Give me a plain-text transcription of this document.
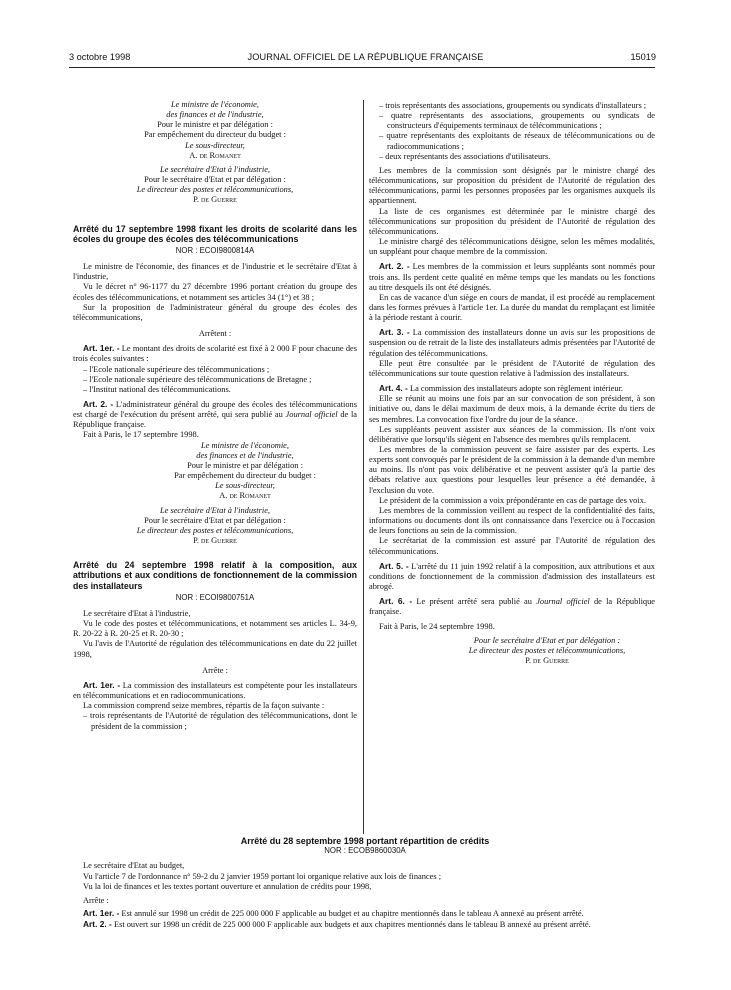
3 octobre 1998	JOURNAL OFFICIEL DE LA RÉPUBLIQUE FRANÇAISE	15019

Le ministre de l'économie,

des finances et de l'industrie,

Pour le ministre et par délégation :

Par empêchement du directeur du budget :

Le sous-directeur,

A. de Romanet

Le secrétaire d'Etat à l'industrie,

Pour le secrétaire d'Etat et par délégation :

Le directeur des postes et télécommunications,

P. de Guerre

Arrêté du 17 septembre 1998 fixant les droits de scolarité dans les écoles du groupe des écoles des télécommunications

NOR : ECOI9800814A

Le ministre de l'économie, des finances et de l'industrie et le secrétaire d'Etat à l'industrie,

Vu le décret n° 96-1177 du 27 décembre 1996 portant création du groupe des écoles des télécommunications, et notamment ses articles 34 (1°) et 38 ;

Sur la proposition de l'administrateur général du groupe des écoles des télécommunications,

Arrêtent :

Art. 1er. - Le montant des droits de scolarité est fixé à 2 000 F pour chacune des trois écoles suivantes :

– l'Ecole nationale supérieure des télécommunications ;

– l'Ecole nationale supérieure des télécommunications de Bretagne ;

– l'Institut national des télécommunications.

Art. 2. - L'administrateur général du groupe des écoles des télécommunications est chargé de l'exécution du présent arrêté, qui sera publié au Journal officiel de la République française.

Fait à Paris, le 17 septembre 1998.

Le ministre de l'économie,

des finances et de l'industrie,

Pour le ministre et par délégation :

Par empêchement du directeur du budget :

Le sous-directeur,

A. de Romanet

Le secrétaire d'Etat à l'industrie,

Pour le secrétaire d'Etat et par délégation :

Le directeur des postes et télécommunications,

P. de Guerre

Arrêté du 24 septembre 1998 relatif à la composition, aux attributions et aux conditions de fonctionnement de la commission des installateurs

NOR : ECOI9800751A

Le secrétaire d'Etat à l'industrie,

Vu le code des postes et télécommunications, et notamment ses articles L. 34-9, R. 20-22 à R. 20-25 et R. 20-30 ;

Vu l'avis de l'Autorité de régulation des télécommunications en date du 22 juillet 1998,

Arrête :

Art. 1er. - La commission des installateurs est compétente pour les installateurs en télécommunications et en radiocommunications.

La commission comprend seize membres, répartis de la façon suivante :

– trois représentants de l'Autorité de régulation des télécommunications, dont le président de la commission ;

– trois représentants des associations, groupements ou syndicats d'installateurs ;

– quatre représentants des associations, groupements ou syndicats de constructeurs d'équipements terminaux de télécommunications ;

– quatre représentants des exploitants de réseaux de télécommunications ou de radiocommunications ;

– deux représentants des associations d'utilisateurs.

Les membres de la commission sont désignés par le ministre chargé des télécommunications, sur proposition du président de l'Autorité de régulation des télécommunications, parmi les personnes proposées par les organismes auxquels ils appartiennent.

La liste de ces organismes est déterminée par le ministre chargé des télécommunications sur proposition du président de l'Autorité de régulation des télécommunications.

Le ministre chargé des télécommunications désigne, selon les mêmes modalités, un suppléant pour chaque membre de la commission.

Art. 2. - Les membres de la commission et leurs suppléants sont nommés pour trois ans. Ils perdent cette qualité en même temps que les mandats ou les fonctions au titre desquels ils ont été désignés.

En cas de vacance d'un siège en cours de mandat, il est procédé au remplacement dans les formes prévues à l'article 1er. La durée du mandat du remplaçant est limitée à la période restant à courir.

Art. 3. - La commission des installateurs donne un avis sur les propositions de suspension ou de retrait de la liste des installateurs admis présentées par l'Autorité de régulation des télécommunications.

Elle peut être consultée par le président de l'Autorité de régulation des télécommunications sur toute question relative à l'admission des installateurs.

Art. 4. - La commission des installateurs adopte son règlement intérieur.

Elle se réunit au moins une fois par an sur convocation de son président, à son initiative ou, dans le délai maximum de deux mois, à la demande écrite du tiers de ses membres. La convocation fixe l'ordre du jour de la séance.

Les suppléants peuvent assister aux séances de la commission. Ils n'ont voix délibérative que lorsqu'ils siègent en l'absence des membres qu'ils remplacent.

Les membres de la commission peuvent se faire assister par des experts. Les experts sont convoqués par le président de la commission à la demande d'un membre au moins. Ils n'ont pas voix délibérative et ne peuvent assister qu'à la partie des débats relative aux questions pour lesquelles leur présence a été demandée, à l'exclusion du vote.

Le président de la commission a voix prépondérante en cas de partage des voix.

Les membres de la commission veillent au respect de la confidentialité des faits, informations ou documents dont ils ont connaissance dans l'exercice ou à l'occasion de leurs fonctions au sein de la commission.

Le secrétariat de la commission est assuré par l'Autorité de régulation des télécommunications.

Art. 5. - L'arrêté du 11 juin 1992 relatif à la composition, aux attributions et aux conditions de fonctionnement de la commission d'admission des installateurs est abrogé.

Art. 6. - Le présent arrêté sera publié au Journal officiel de la République française.

Fait à Paris, le 24 septembre 1998.

Pour le secrétaire d'Etat et par délégation :

Le directeur des postes et télécommunications,

P. de Guerre

Arrêté du 28 septembre 1998 portant répartition de crédits

NOR : ECOB9860030A

Le secrétaire d'Etat au budget,

Vu l'article 7 de l'ordonnance n° 59-2 du 2 janvier 1959 portant loi organique relative aux lois de finances ;

Vu la loi de finances et les textes portant ouverture et annulation de crédits pour 1998,

Arrête :

Art. 1er. - Est annulé sur 1998 un crédit de 225 000 000 F applicable au budget et au chapitre mentionnés dans le tableau A annexé au présent arrêté.

Art. 2. - Est ouvert sur 1998 un crédit de 225 000 000 F applicable aux budgets et aux chapitres mentionnés dans le tableau B annexé au présent arrêté.
